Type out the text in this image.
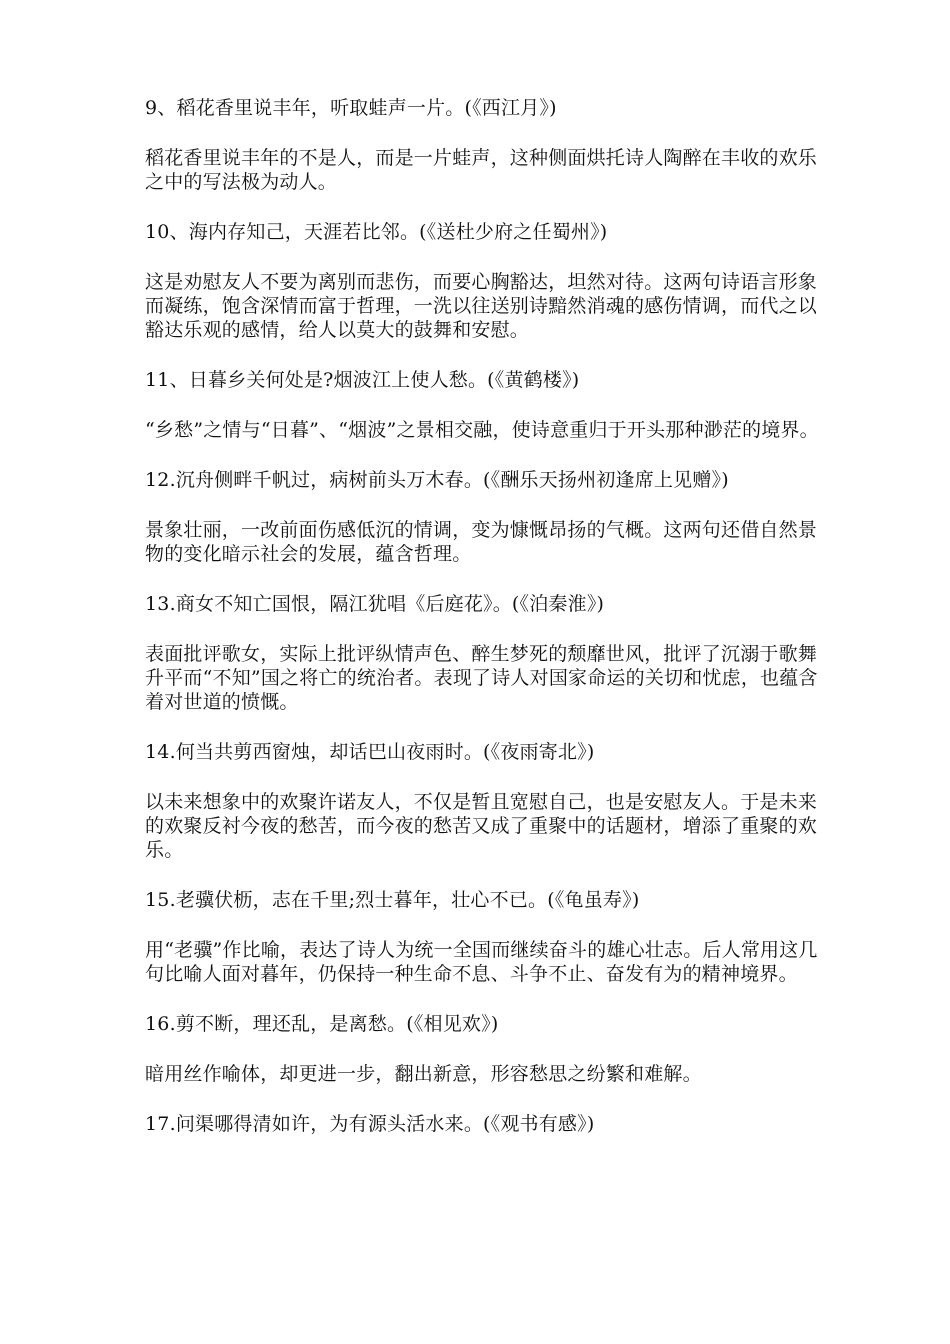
9、稻花香里说丰年，听取蛙声一片。(《西江月》)

稻花香里说丰年的不是人，而是一片蛙声，这种侧面烘托诗人陶醉在丰收的欢乐之中的写法极为动人。

10、海内存知己，天涯若比邻。(《送杜少府之任蜀州》)

这是劝慰友人不要为离别而悲伤，而要心胸豁达，坦然对待。这两句诗语言形象而凝练，饱含深情而富于哲理，一洗以往送别诗黯然消魂的感伤情调，而代之以豁达乐观的感情，给人以莫大的鼓舞和安慰。

11、日暮乡关何处是?烟波江上使人愁。(《黄鹤楼》)

“乡愁”之情与“日暮”、“烟波”之景相交融，使诗意重归于开头那种渺茫的境界。

12.沉舟侧畔千帆过，病树前头万木春。(《酬乐天扬州初逢席上见赠》)

景象壮丽，一改前面伤感低沉的情调，变为慷慨昂扬的气概。这两句还借自然景物的变化暗示社会的发展，蕴含哲理。

13.商女不知亡国恨，隔江犹唱《后庭花》。(《泊秦淮》)

表面批评歌女，实际上批评纵情声色、醉生梦死的颓靡世风，批评了沉溺于歌舞升平而“不知”国之将亡的统治者。表现了诗人对国家命运的关切和忧虑，也蕴含着对世道的愤慨。

14.何当共剪西窗烛，却话巴山夜雨时。(《夜雨寄北》)

以未来想象中的欢聚许诺友人，不仅是暂且宽慰自己，也是安慰友人。于是未来的欢聚反衬今夜的愁苦，而今夜的愁苦又成了重聚中的话题材，增添了重聚的欢乐。

15.老骥伏枥，志在千里;烈士暮年，壮心不已。(《龟虽寿》)

用“老骥”作比喻，表达了诗人为统一全国而继续奋斗的雄心壮志。后人常用这几句比喻人面对暮年，仍保持一种生命不息、斗争不止、奋发有为的精神境界。

16.剪不断，理还乱，是离愁。(《相见欢》)

暗用丝作喻体，却更进一步，翻出新意，形容愁思之纷繁和难解。

17.问渠哪得清如许，为有源头活水来。(《观书有感》)
